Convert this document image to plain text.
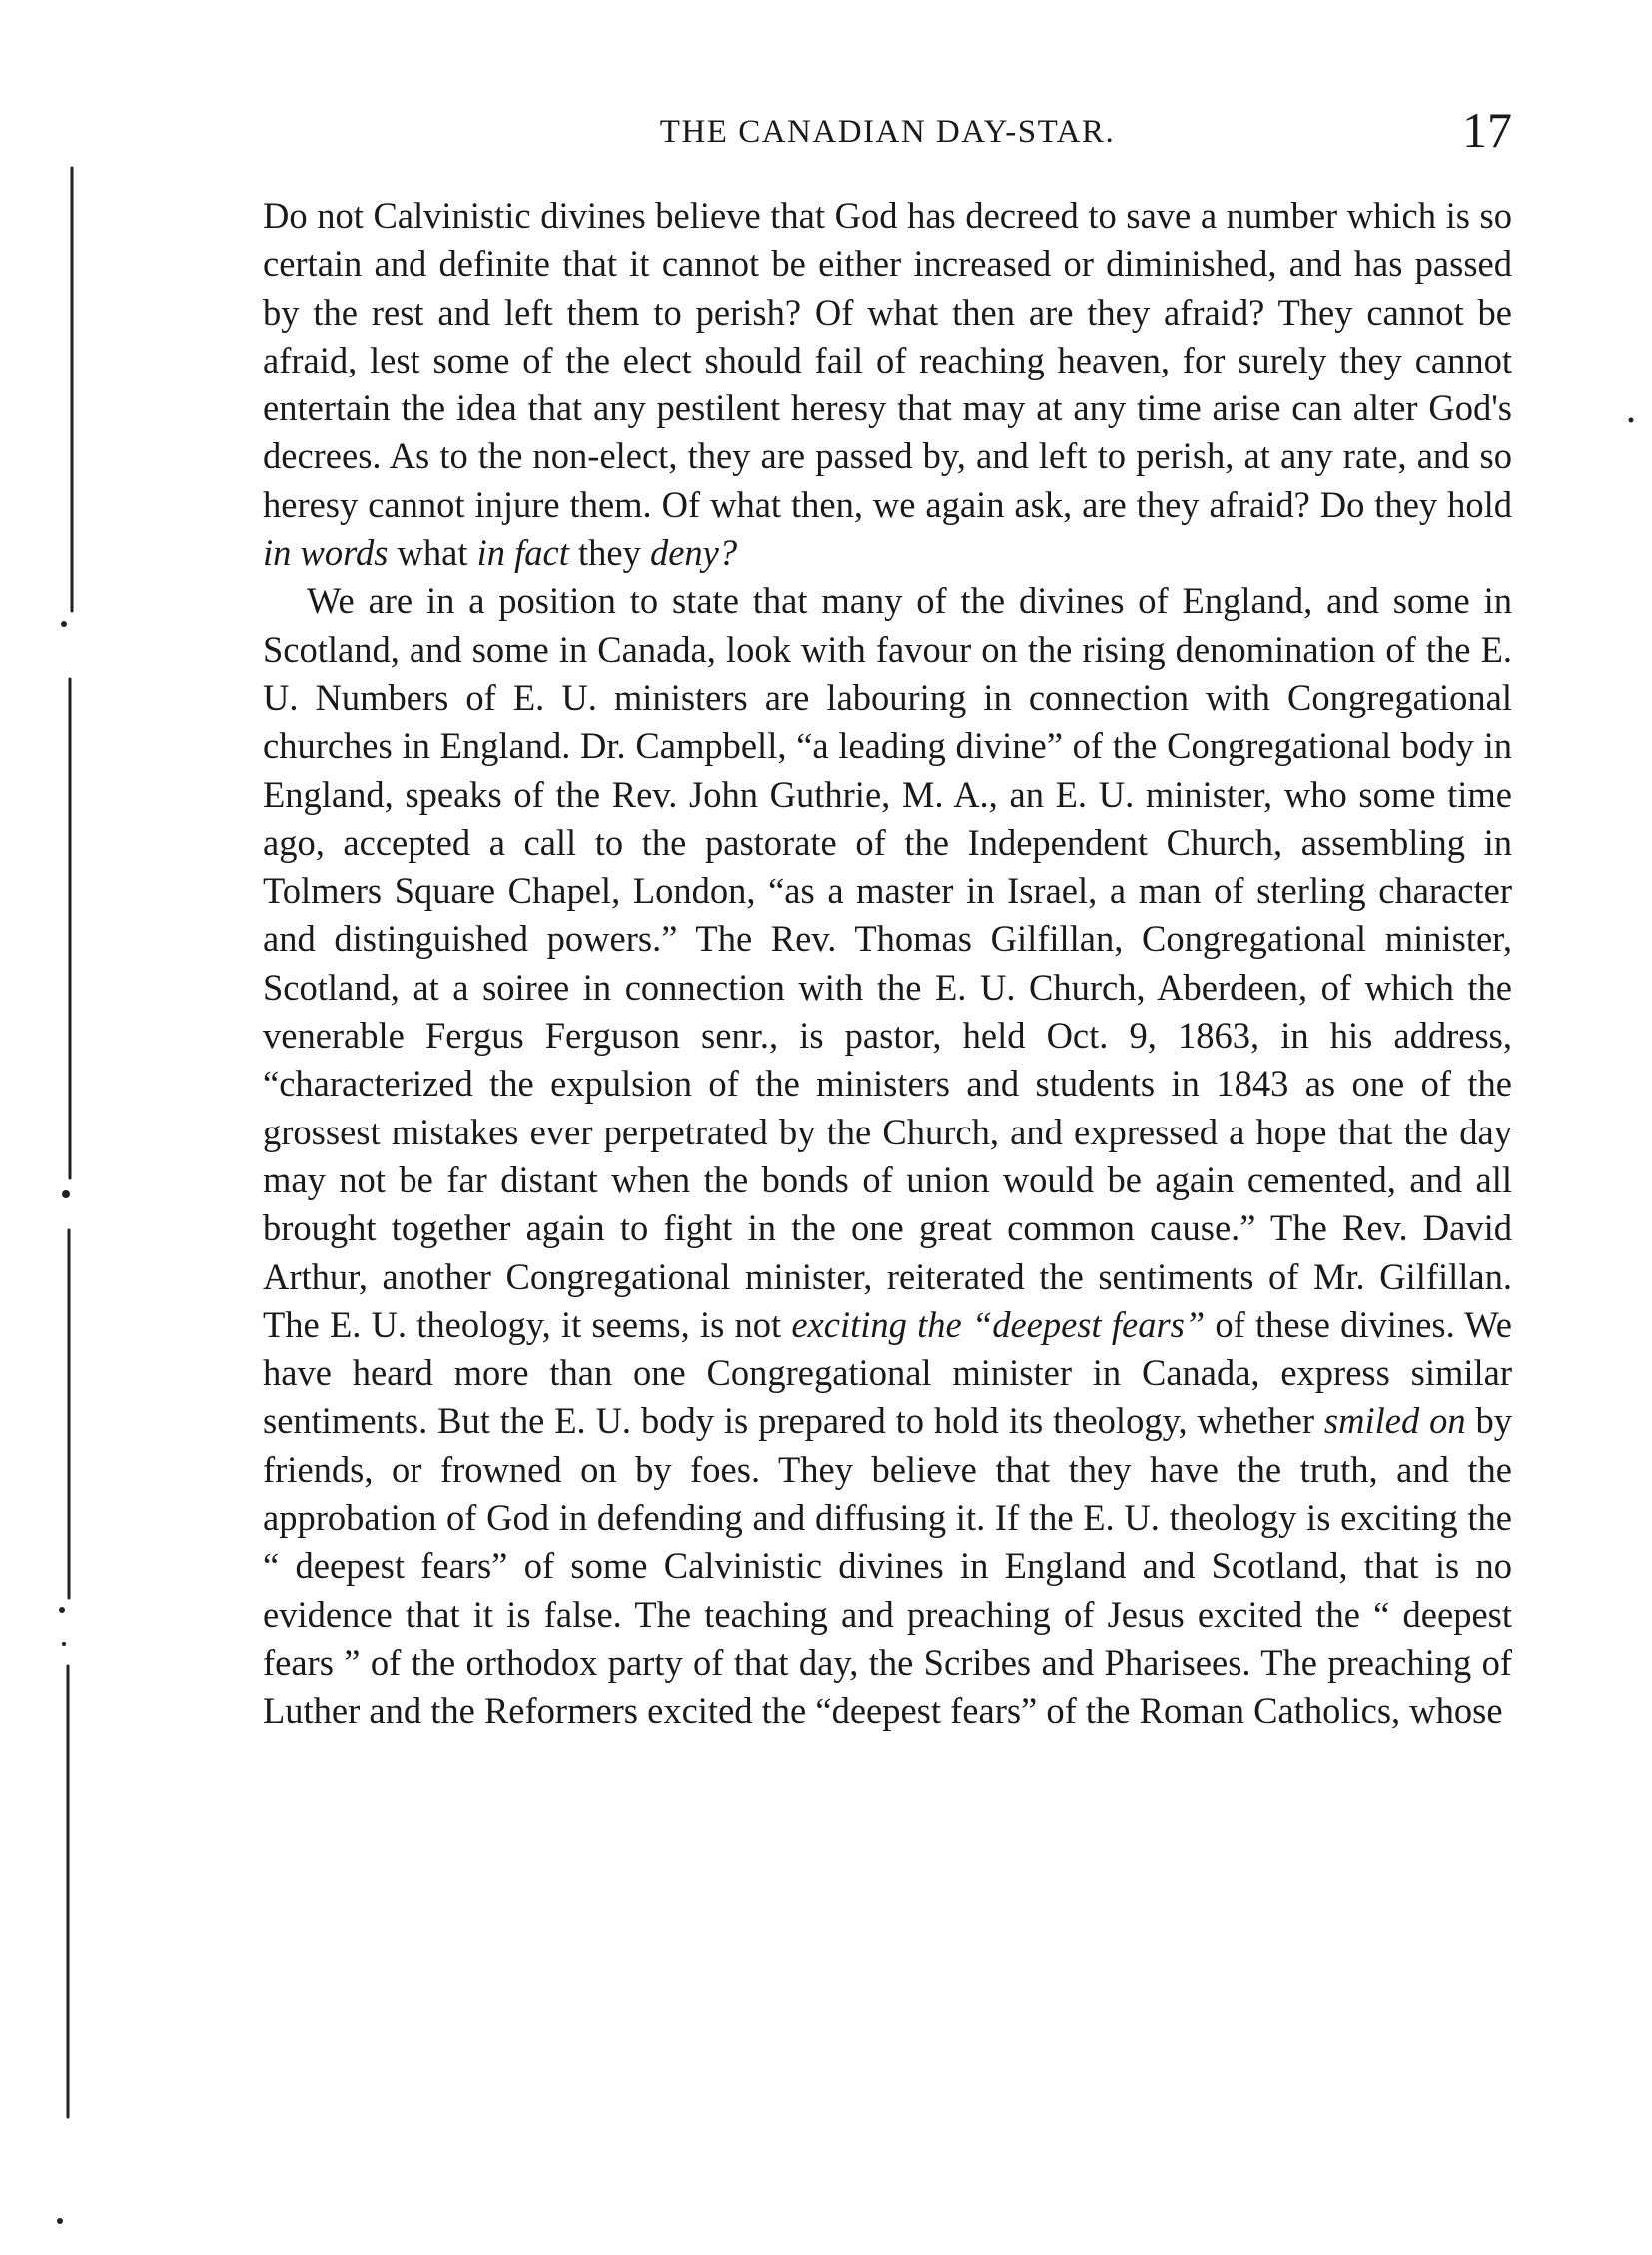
THE CANADIAN DAY-STAR.	17

Do not Calvinistic divines believe that God has decreed to save a number which is so certain and definite that it cannot be either increased or diminished, and has passed by the rest and left them to perish? Of what then are they afraid? They cannot be afraid, lest some of the elect should fail of reaching heaven, for surely they cannot entertain the idea that any pestilent heresy that may at any time arise can alter God's decrees. As to the non-elect, they are passed by, and left to perish, at any rate, and so heresy cannot injure them. Of what then, we again ask, are they afraid? Do they hold in words what in fact they deny?

We are in a position to state that many of the divines of England, and some in Scotland, and some in Canada, look with favour on the rising denomination of the E. U. Numbers of E. U. ministers are labouring in connection with Congregational churches in England. Dr. Campbell, “a leading divine” of the Congregational body in England, speaks of the Rev. John Guthrie, M. A., an E. U. minister, who some time ago, accepted a call to the pastorate of the Independent Church, assembling in Tolmers Square Chapel, London, “as a master in Israel, a man of sterling character and distinguished powers.” The Rev. Thomas Gilfillan, Congregational minister, Scotland, at a soiree in connection with the E. U. Church, Aberdeen, of which the venerable Fergus Ferguson senr., is pastor, held Oct. 9, 1863, in his address, “characterized the expulsion of the ministers and students in 1843 as one of the grossest mistakes ever perpetrated by the Church, and expressed a hope that the day may not be far distant when the bonds of union would be again cemented, and all brought together again to fight in the one great common cause.” The Rev. David Arthur, another Congregational minister, reiterated the sentiments of Mr. Gilfillan. The E. U. theology, it seems, is not exciting the “deepest fears” of these divines. We have heard more than one Congregational minister in Canada, express similar sentiments. But the E. U. body is prepared to hold its theology, whether smiled on by friends, or frowned on by foes. They believe that they have the truth, and the approbation of God in defending and diffusing it. If the E. U. theology is exciting the “ deepest fears” of some Calvinistic divines in England and Scotland, that is no evidence that it is false. The teaching and preaching of Jesus excited the “ deepest fears ” of the orthodox party of that day, the Scribes and Pharisees. The preaching of Luther and the Reformers excited the “deepest fears” of the Roman Catholics, whose
